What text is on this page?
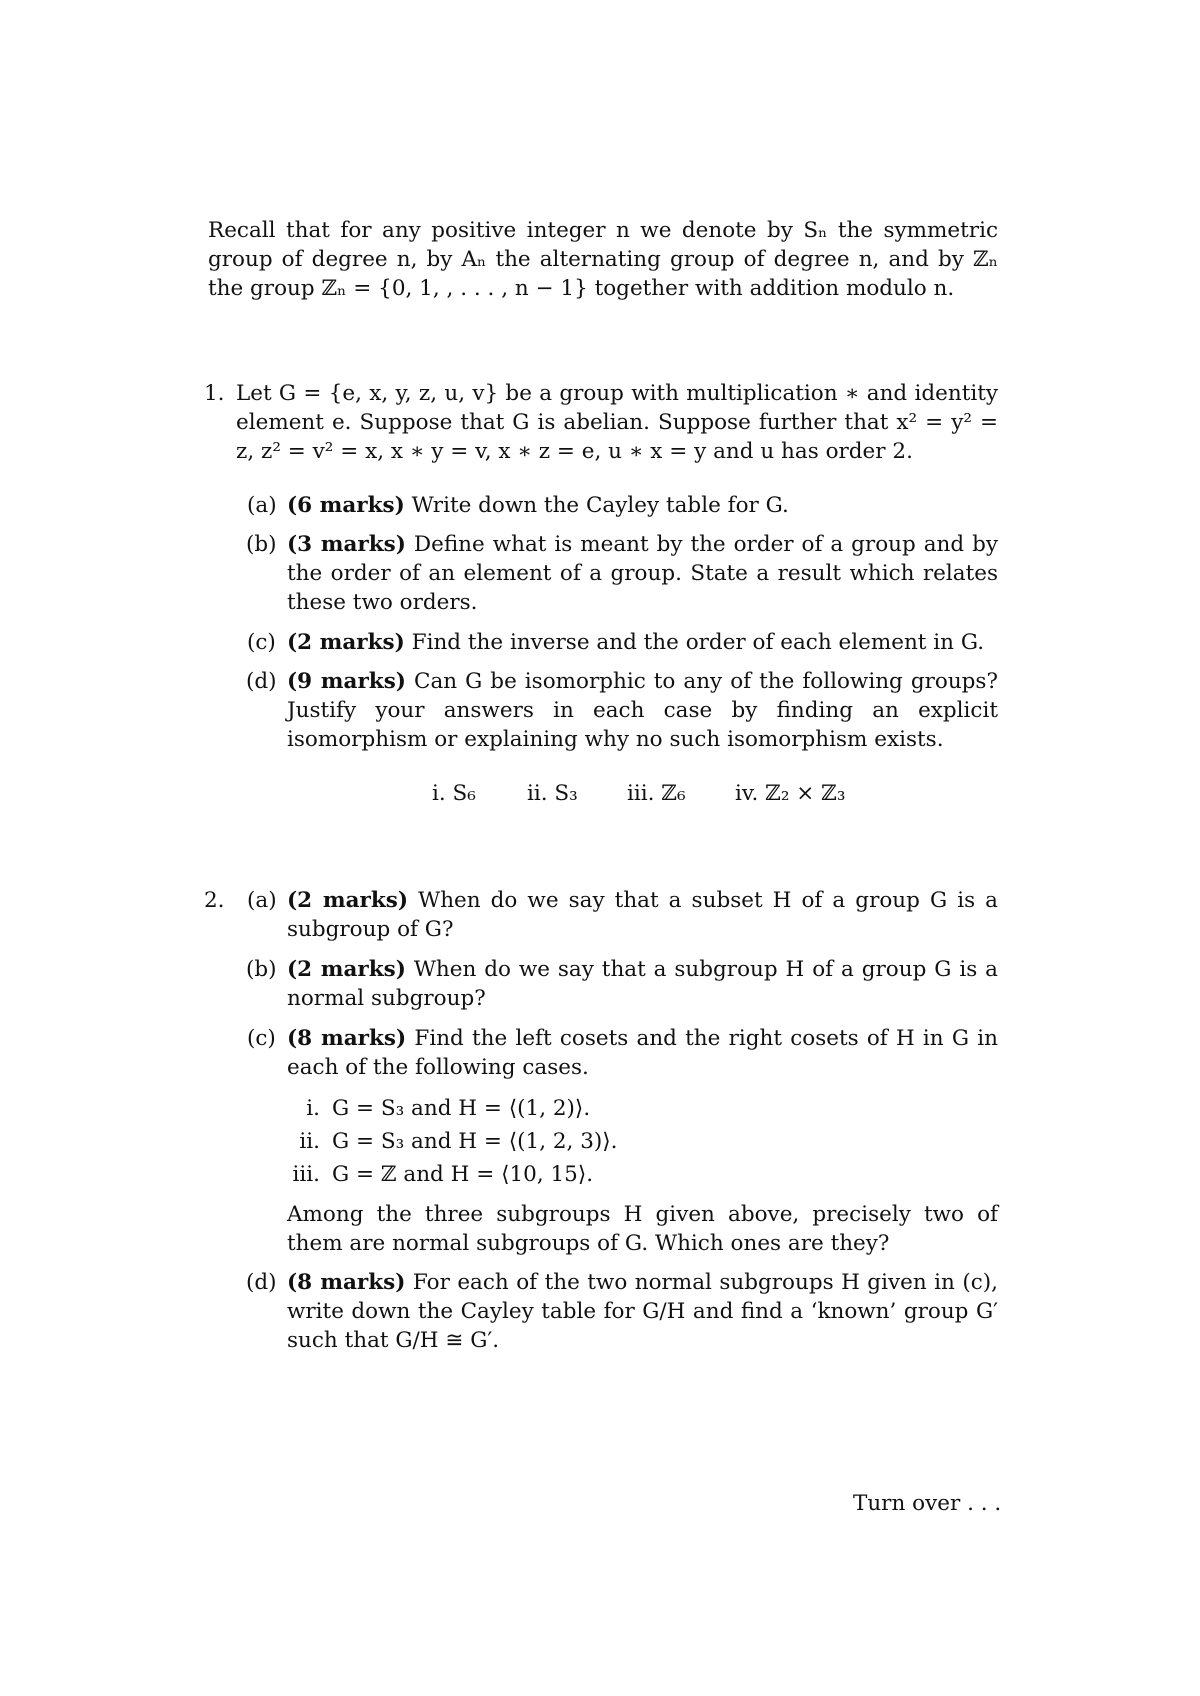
Recall that for any positive integer n we denote by Sₙ the symmetric group of degree n, by Aₙ the alternating group of degree n, and by ℤₙ the group ℤₙ = {0, 1, , . . . , n − 1} together with addition modulo n.

1. Let G = {e, x, y, z, u, v} be a group with multiplication ∗ and identity element e. Suppose that G is abelian. Suppose further that x² = y² = z, z² = v² = x, x ∗ y = v, x ∗ z = e, u ∗ x = y and u has order 2.

(a) (6 marks) Write down the Cayley table for G.

(b) (3 marks) Define what is meant by the order of a group and by the order of an element of a group. State a result which relates these two orders.

(c) (2 marks) Find the inverse and the order of each element in G.

(d) (9 marks) Can G be isomorphic to any of the following groups? Justify your answers in each case by finding an explicit isomorphism or explaining why no such isomorphism exists.

i. S₆ ii. S₃ iii. ℤ₆ iv. ℤ₂ × ℤ₃
2. (a) (2 marks) When do we say that a subset H of a group G is a subgroup of G?

(b) (2 marks) When do we say that a subgroup H of a group G is a normal subgroup?

(c) (8 marks) Find the left cosets and the right cosets of H in G in each of the following cases.

i. G = S₃ and H = ⟨(1, 2)⟩.
ii. G = S₃ and H = ⟨(1, 2, 3)⟩.
iii. G = ℤ and H = ⟨10, 15⟩.

Among the three subgroups H given above, precisely two of them are normal subgroups of G. Which ones are they?

(d) (8 marks) For each of the two normal subgroups H given in (c), write down the Cayley table for G/H and find a ‘known’ group G′ such that G/H ≅ G′.

Turn over . . .
